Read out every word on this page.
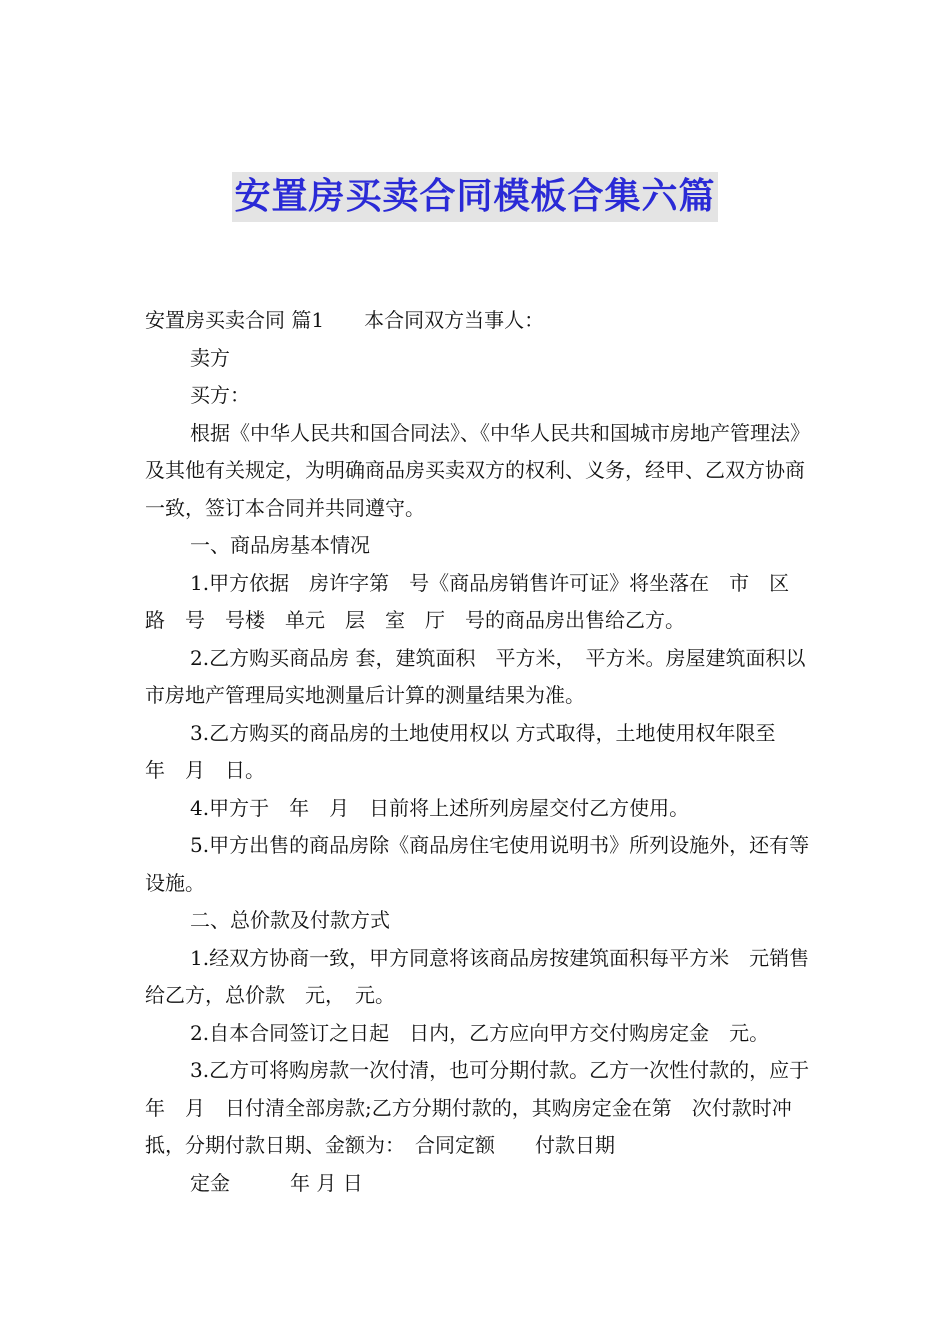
安置房买卖合同模板合集六篇

安置房买卖合同 篇1　　本合同双方当事人：

卖方

买方：

根据《中华人民共和国合同法》、《中华人民共和国城市房地产管理法》及其他有关规定，为明确商品房买卖双方的权利、义务，经甲、乙双方协商一致，签订本合同并共同遵守。

一、商品房基本情况

1.甲方依据　房许字第　号《商品房销售许可证》将坐落在　市　区　路　号　号楼　单元　层　室　厅　号的商品房出售给乙方。

2.乙方购买商品房 套，建筑面积　平方米，　平方米。房屋建筑面积以 市房地产管理局实地测量后计算的测量结果为准。

3.乙方购买的商品房的土地使用权以 方式取得，土地使用权年限至　年　月　日。

4.甲方于　年　月　日前将上述所列房屋交付乙方使用。

5.甲方出售的商品房除《商品房住宅使用说明书》所列设施外，还有等设施。

二、总价款及付款方式

1.经双方协商一致，甲方同意将该商品房按建筑面积每平方米　元销售给乙方，总价款　元，　元。

2.自本合同签订之日起　日内，乙方应向甲方交付购房定金　元。

3.乙方可将购房款一次付清，也可分期付款。乙方一次性付款的，应于　年　月　日付清全部房款;乙方分期付款的，其购房定金在第　次付款时冲抵，分期付款日期、金额为：　合同定额　　付款日期

定金　　　年 月 日
